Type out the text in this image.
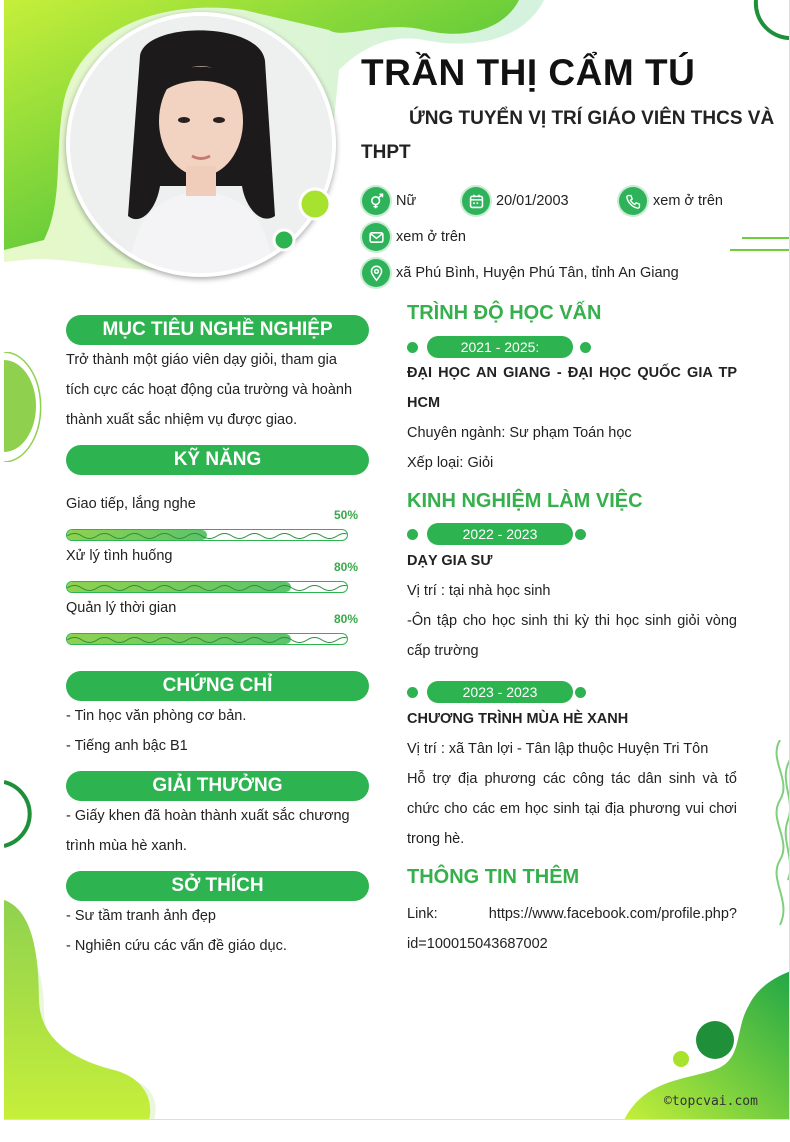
TRẦN THỊ CẨM TÚ
ỨNG TUYỂN VỊ TRÍ GIÁO VIÊN THCS VÀ
THPT
Nữ	20/01/2003	xem ở trên
xem ở trên
xã Phú Bình, Huyện Phú Tân, tỉnh An Giang
MỤC TIÊU NGHỀ NGHIỆP
Trở thành một giáo viên dạy giỏi, tham gia
tích cực các hoạt động của trường và hoành
thành xuất sắc nhiệm vụ được giao.
KỸ NĂNG
Giao tiếp, lắng nghe
50%
Xử lý tình huống
80%
Quản lý thời gian
80%
CHỨNG CHỈ
- Tin học văn phòng cơ bản.
- Tiếng anh bậc B1
GIẢI THƯỞNG
- Giấy khen đã hoàn thành xuất sắc chương
trình mùa hè xanh.
SỞ THÍCH
- Sư tầm tranh ảnh đẹp
- Nghiên cứu các vấn đề giáo dục.
TRÌNH ĐỘ HỌC VẤN
2021 - 2025:
ĐẠI HỌC AN GIANG - ĐẠI HỌC QUỐC GIA TP
HCM
Chuyên ngành: Sư phạm Toán học
Xếp loại: Giỏi
KINH NGHIỆM LÀM VIỆC
2022 - 2023
DẠY GIA SƯ
Vị trí : tại nhà học sinh
-Ôn tập cho học sinh thi kỳ thi học sinh giỏi vòng
cấp trường
2023 - 2023
CHƯƠNG TRÌNH MÙA HÈ XANH
Vị trí : xã Tân lợi - Tân lập thuộc Huyện Tri Tôn
Hỗ trợ địa phương các công tác dân sinh và tổ
chức cho các em học sinh tại địa phương vui chơi
trong hè.
THÔNG TIN THÊM
Link:	https://www.facebook.com/profile.php?
id=100015043687002
©topcvai.com
